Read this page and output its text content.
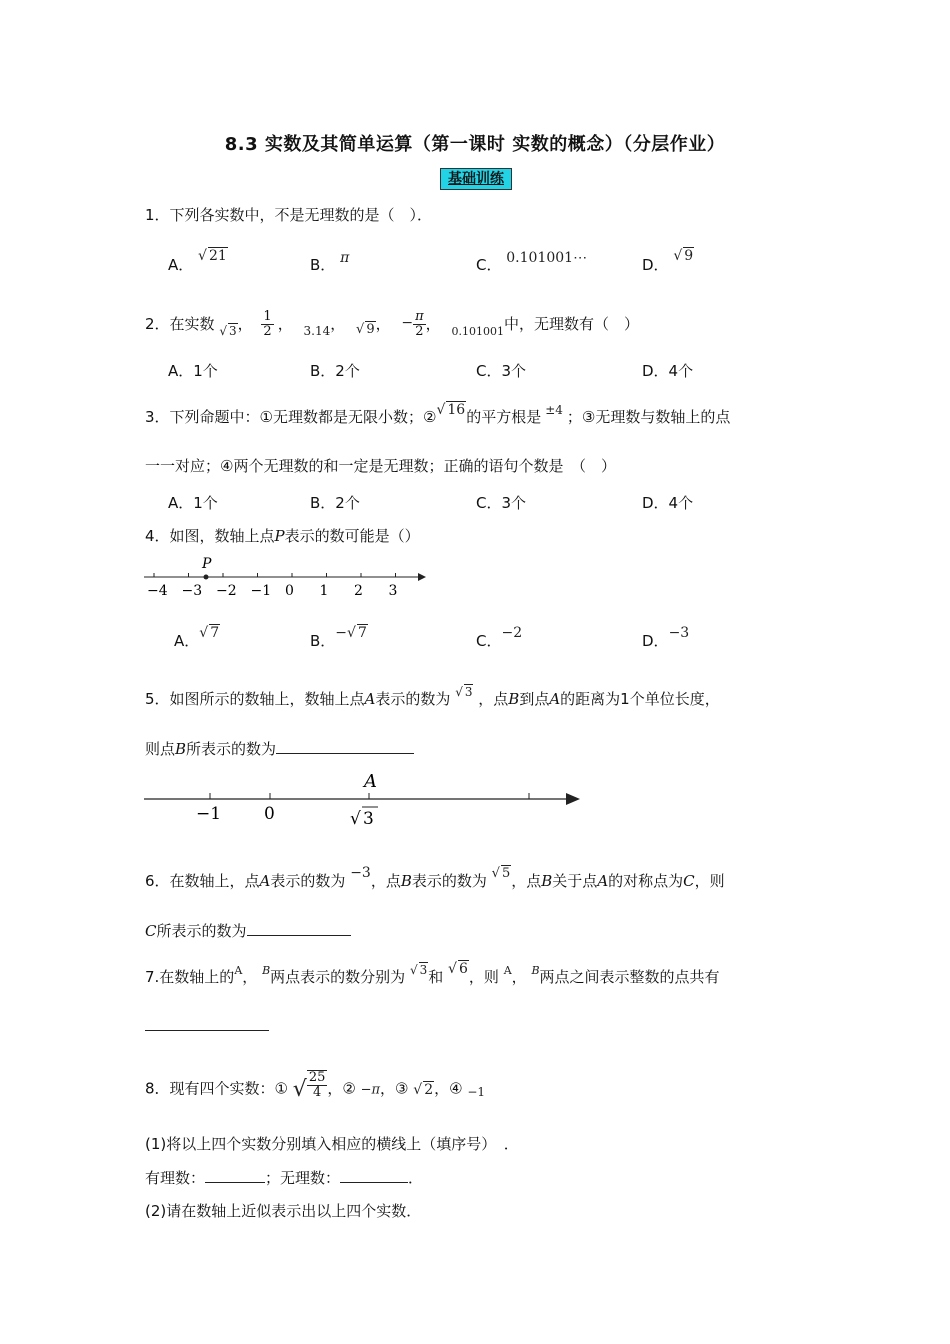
8.3 实数及其简单运算（第一课时 实数的概念）（分层作业）
基础训练
1．下列各实数中，不是无理数的是（　）．
A． √ 21	B． π	C． 0.101001⋯	D． √ 9
2．在实数 $_{√ 3}$， $\frac{1}{2}$ ， $_{3.14}$， √ 9， − $\frac{\pi}{2}$ ， $_{0.101001}$中，无理数有（　）
A．1个	B．2个	C．3个	D．4个
3．下列命题中：①无理数都是无限小数；②√ 16的平方根是 $^{\pm 4}$ ；③无理数与数轴上的点
一一对应；④两个无理数的和一定是无理数；正确的语句个数是　（　）
A．1个	B．2个	C．3个	D．4个
4．如图，数轴上点P表示的数可能是（）
−4 −3 −2 −1 0 1 2 3
P
A．√ 7	B．−√ 7	C．−2	D．−3
5．如图所示的数轴上，数轴上点A表示的数为 $^{√ 3}$ ，点B到点A的距离为1个单位长度，
则点B所表示的数为
−1	0
A
√ 3
6．在数轴上，点A表示的数为 −3，点B表示的数为 √ 5，点B关于点A的对称点为C，则
C所表示的数为
7.在数轴上的$^A$， $^B$两点表示的数分别为 $^{√ 3}$和 √ 6，则 $^A$， $^B$两点之间表示整数的点共有
8．现有四个实数：① √ $\frac{25}{4}$ ，② −π，③ √ 2，④ −1
(1)将以上四个实数分别填入相应的横线上（填序号）　．
有理数：	；无理数：	．
(2)请在数轴上近似表示出以上四个实数．
